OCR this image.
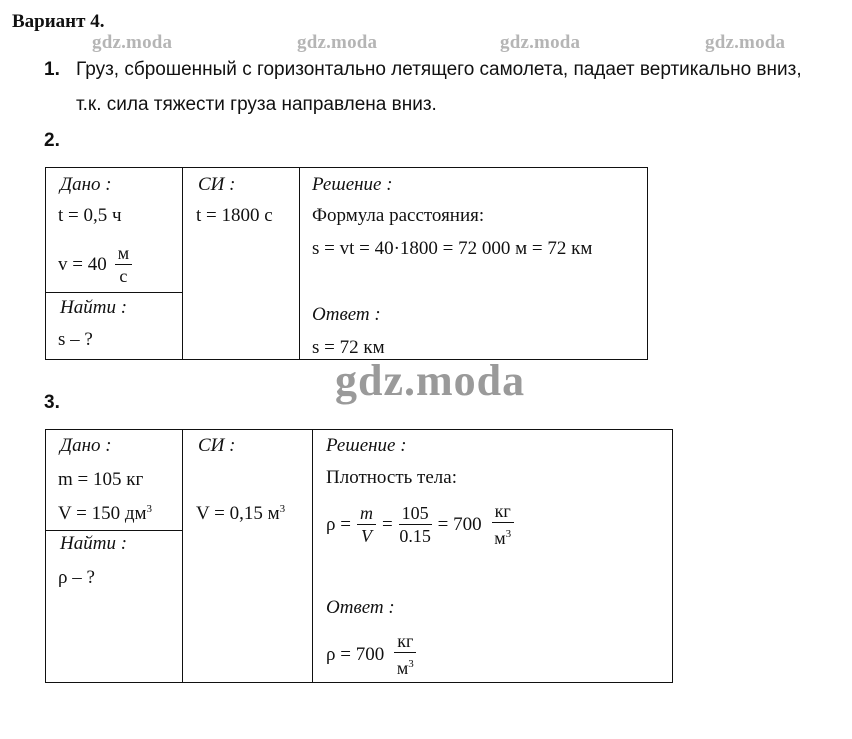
Вариант 4.
gdz.moda	gdz.moda	gdz.moda	gdz.moda
1. Груз, сброшенный с горизонтально летящего самолета, падает вертикально вниз,
т.к. сила тяжести груза направлена вниз.
2.
Дано :
t = 0,5 ч
$v = 40 \frac{м}{с}$
Найти :
s – ?
СИ :
t = 1800 с
Решение :
Формула расстояния:
s = vt = 40·1800 = 72 000 м = 72 км
Ответ :
s = 72 км
gdz.moda
3.
Дано :
m = 105 кг
V = 150 $дм^3$
Найти :
ρ – ?
СИ :
V = 0,15 $м^3$
Решение :
Плотность тела:
$\rho = \frac{m}{V} = \frac{105}{0.15} = 700 \frac{кг}{м^3}$
Ответ :
$\rho = 700 \frac{кг}{м^3}$
